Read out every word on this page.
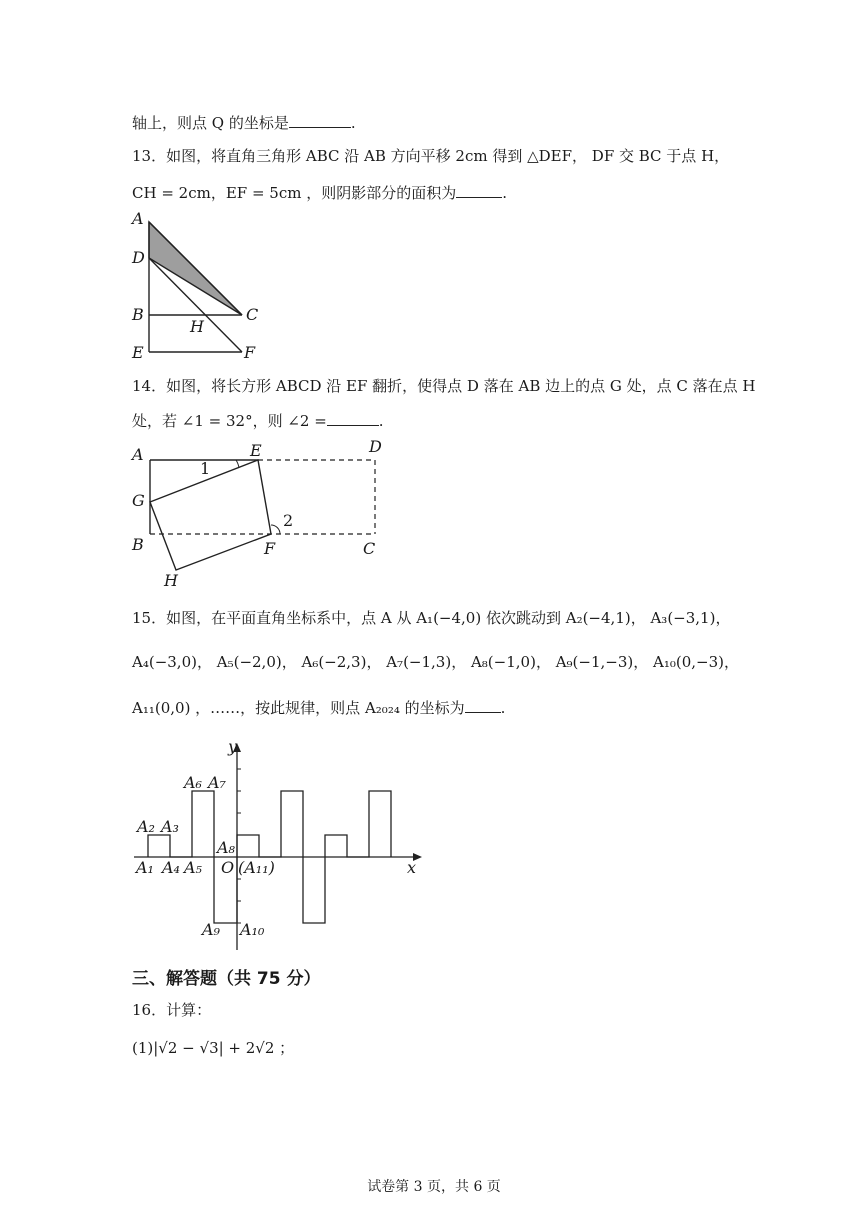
轴上，则点 Q 的坐标是	.
13．如图，将直角三角形 ABC 沿 AB 方向平移 2cm 得到 △DEF， DF 交 BC 于点 H，
CH = 2cm，EF = 5cm ，则阴影部分的面积为	.
A
D
B
H
C
E	F
14．如图，将长方形 ABCD 沿 EF 翻折，使得点 D 落在 AB 边上的点 G 处，点 C 落在点 H
处，若 ∠1 = 32°，则 ∠2 =	.
A	E	D
G
B	F	C
H
1
2
15．如图，在平面直角坐标系中，点 A 从 A₁(−4,0) 依次跳动到 A₂(−4,1)， A₃(−3,1)，
A₄(−3,0)， A₅(−2,0)， A₆(−2,3)， A₇(−1,3)， A₈(−1,0)， A₉(−1,−3)， A₁₀(0,−3)，
A₁₁(0,0) ，……，按此规律，则点 A₂₀₂₄ 的坐标为 .
y
x
O
A₁
A₂ A₃
A₄ A₅
A₆ A₇
A₈
A₉ A₁₀
(A₁₁)
三、解答题（共 75 分）
16．计算：
(1)|√2 − √3| + 2√2 ；
试卷第 3 页，共 6 页
